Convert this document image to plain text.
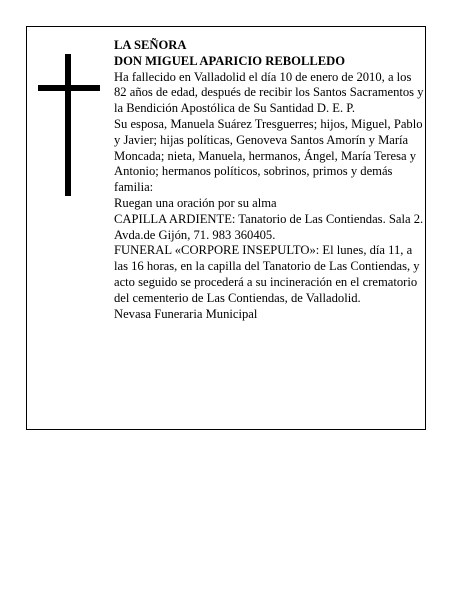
LA SEÑORA

DON MIGUEL APARICIO REBOLLEDO

Ha fallecido en Valladolid el día 10 de enero de 2010, a los 82 años de edad, después de recibir los Santos Sacramentos y la Bendición Apostólica de Su Santidad D. E. P.

Su esposa, Manuela Suárez Tresguerres; hijos, Miguel, Pablo y Javier; hijas políticas, Genoveva Santos Amorín y María Moncada; nieta, Manuela, hermanos, Ángel, María Teresa y Antonio; hermanos políticos, sobrinos, primos y demás familia:

Ruegan una oración por su alma

CAPILLA ARDIENTE: Tanatorio de Las Contiendas. Sala 2. Avda.de Gijón, 71. 983 360405.

FUNERAL «CORPORE INSEPULTO»: El lunes, día 11, a las 16 horas, en la capilla del Tanatorio de Las Contiendas, y acto seguido se procederá a su incineración en el crematorio del cementerio de Las Contiendas, de Valladolid.

Nevasa Funeraria Municipal
